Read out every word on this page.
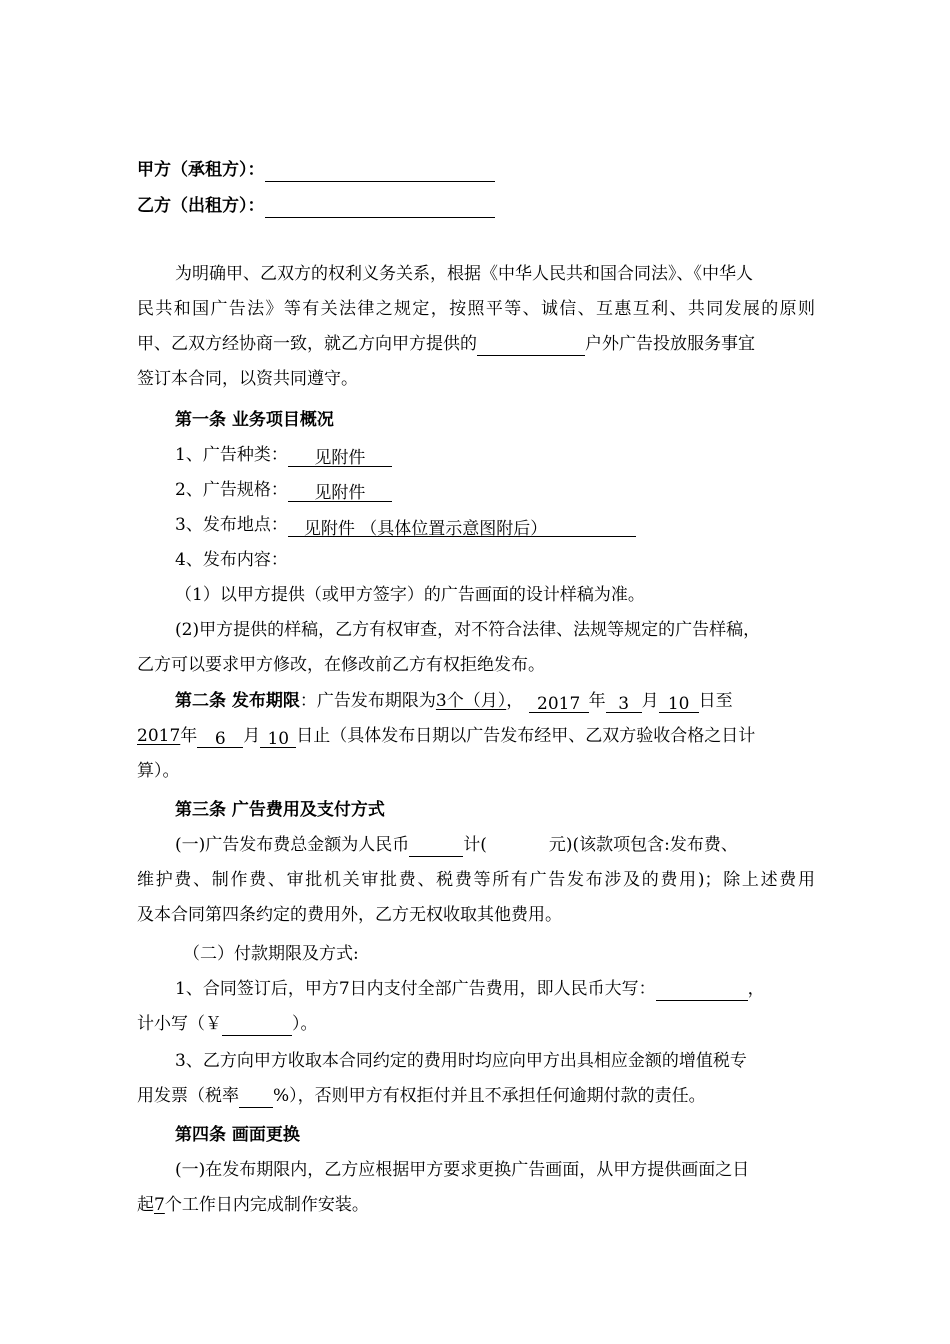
甲方（承租方）：
乙方（出租方）：
为明确甲、乙双方的权利义务关系，根据《中华人民共和国合同法》、《中华人
民共和国广告法》等有关法律之规定，按照平等、诚信、互惠互利、共同发展的原则
甲、乙双方经协商一致，就乙方向甲方提供的	户外广告投放服务事宜
签订本合同，以资共同遵守。
第一条 业务项目概况
1、广告种类： 见附件
2、广告规格： 见附件
3、发布地点： 见附件 （具体位置示意图附后）
4、发布内容：
（1）以甲方提供（或甲方签字）的广告画面的设计样稿为准。
(2)甲方提供的样稿，乙方有权审查，对不符合法律、法规等规定的广告样稿，
乙方可以要求甲方修改，在修改前乙方有权拒绝发布。
第二条 发布期限：广告发布期限为3个（月）， 2017 年 3 月 10 日至
2017年 6 月 10 日止（具体发布日期以广告发布经甲、乙双方验收合格之日计
算）。
第三条 广告费用及支付方式
(一)广告发布费总金额为人民币	计(	元)(该款项包含:发布费、
维护费、制作费、审批机关审批费、税费等所有广告发布涉及的费用)；除上述费用
及本合同第四条约定的费用外，乙方无权收取其他费用。
（二）付款期限及方式:
1、合同签订后，甲方7日内支付全部广告费用，即人民币大写：	，
计小写（￥	）。
3、乙方向甲方收取本合同约定的费用时均应向甲方出具相应金额的增值税专
用发票（税率 %），否则甲方有权拒付并且不承担任何逾期付款的责任。
第四条 画面更换
(一)在发布期限内，乙方应根据甲方要求更换广告画面，从甲方提供画面之日
起7个工作日内完成制作安装。
